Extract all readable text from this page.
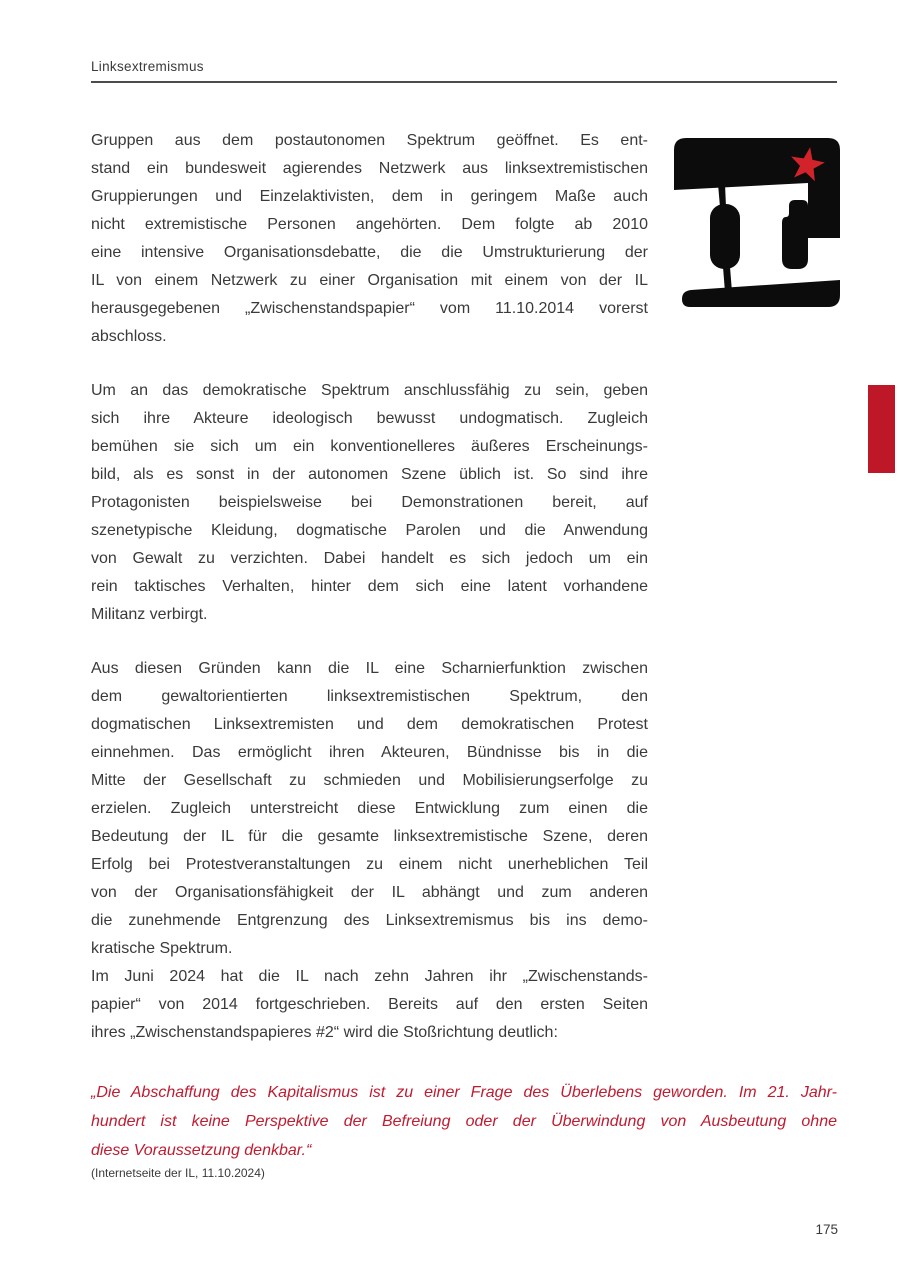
Linksextremismus
Gruppen aus dem postautonomen Spektrum geöffnet. Es ent-
stand ein bundesweit agierendes Netzwerk aus linksextremistischen
Gruppierungen und Einzelaktivisten, dem in geringem Maße auch
nicht extremistische Personen angehörten. Dem folgte ab 2010
eine intensive Organisationsdebatte, die die Umstrukturierung der
IL von einem Netzwerk zu einer Organisation mit einem von der IL
herausgegebenen „Zwischenstandspapier“ vom 11.10.2014 vorerst
abschloss.
Um an das demokratische Spektrum anschlussfähig zu sein, geben
sich ihre Akteure ideologisch bewusst undogmatisch. Zugleich
bemühen sie sich um ein konventionelleres äußeres Erscheinungs-
bild, als es sonst in der autonomen Szene üblich ist. So sind ihre
Protagonisten beispielsweise bei Demonstrationen bereit, auf
szenetypische Kleidung, dogmatische Parolen und die Anwendung
von Gewalt zu verzichten. Dabei handelt es sich jedoch um ein
rein taktisches Verhalten, hinter dem sich eine latent vorhandene
Militanz verbirgt.
Aus diesen Gründen kann die IL eine Scharnierfunktion zwischen
dem gewaltorientierten linksextremistischen Spektrum, den
dogmatischen Linksextremisten und dem demokratischen Protest
einnehmen. Das ermöglicht ihren Akteuren, Bündnisse bis in die
Mitte der Gesellschaft zu schmieden und Mobilisierungserfolge zu
erzielen. Zugleich unterstreicht diese Entwicklung zum einen die
Bedeutung der IL für die gesamte linksextremistische Szene, deren
Erfolg bei Protestveranstaltungen zu einem nicht unerheblichen Teil
von der Organisationsfähigkeit der IL abhängt und zum anderen
die zunehmende Entgrenzung des Linksextremismus bis ins demo-
kratische Spektrum.
Im Juni 2024 hat die IL nach zehn Jahren ihr „Zwischenstands-
papier“ von 2014 fortgeschrieben. Bereits auf den ersten Seiten
ihres „Zwischenstandspapieres #2“ wird die Stoßrichtung deutlich:
„Die Abschaffung des Kapitalismus ist zu einer Frage des Überlebens geworden. Im 21. Jahr-
hundert ist keine Perspektive der Befreiung oder der Überwindung von Ausbeutung ohne
diese Voraussetzung denkbar.“
(Internetseite der IL, 11.10.2024)
175
